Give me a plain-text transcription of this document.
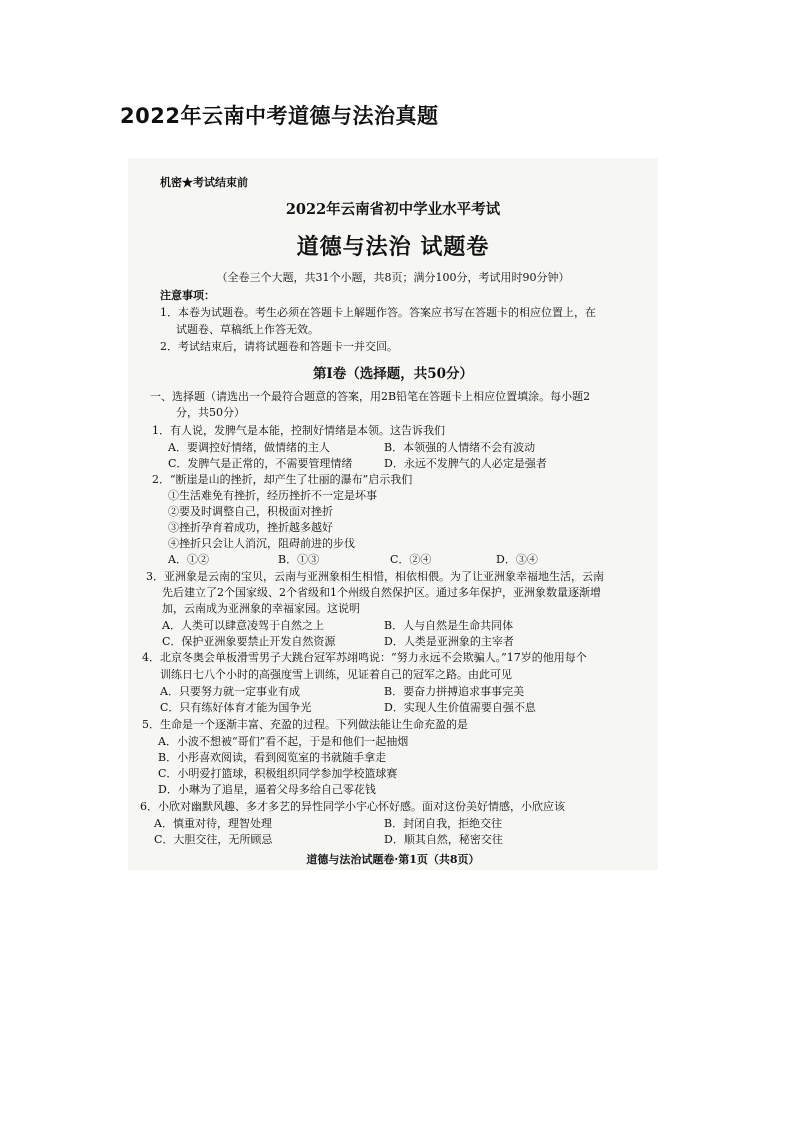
2022年云南中考道德与法治真题
机密★考试结束前
2022年云南省初中学业水平考试
道德与法治 试题卷
（全卷三个大题，共31个小题，共8页；满分100分，考试用时90分钟）
注意事项：
1．本卷为试题卷。考生必须在答题卡上解题作答。答案应书写在答题卡的相应位置上，在
试题卷、草稿纸上作答无效。
2．考试结束后，请将试题卷和答题卡一并交回。
第Ⅰ卷（选择题，共50分）
一、选择题（请选出一个最符合题意的答案，用2B铅笔在答题卡上相应位置填涂。每小题2
分，共50分）
1．有人说，发脾气是本能，控制好情绪是本领。这告诉我们
A．要调控好情绪，做情绪的主人	B．本领强的人情绪不会有波动
C．发脾气是正常的，不需要管理情绪	D．永远不发脾气的人必定是强者
2．“断崖是山的挫折，却产生了壮丽的瀑布”启示我们
①生活难免有挫折，经历挫折不一定是坏事
②要及时调整自己，积极面对挫折
③挫折孕育着成功，挫折越多越好
④挫折只会让人消沉，阻碍前进的步伐
A．①②	B．①③	C．②④	D．③④
3．亚洲象是云南的宝贝，云南与亚洲象相生相惜，相依相偎。为了让亚洲象幸福地生活，云南
先后建立了2个国家级、2个省级和1个州级自然保护区。通过多年保护，亚洲象数量逐渐增
加，云南成为亚洲象的幸福家园。这说明
A．人类可以肆意凌驾于自然之上	B．人与自然是生命共同体
C．保护亚洲象要禁止开发自然资源	D．人类是亚洲象的主宰者
4．北京冬奥会单板滑雪男子大跳台冠军苏翊鸣说：“努力永远不会欺骗人。”17岁的他用每个
训练日七八个小时的高强度雪上训练，见证着自己的冠军之路。由此可见
A．只要努力就一定事业有成	B．要奋力拼搏追求事事完美
C．只有练好体育才能为国争光	D．实现人生价值需要自强不息
5．生命是一个逐渐丰富、充盈的过程。下列做法能让生命充盈的是
A．小波不想被“哥们”看不起，于是和他们一起抽烟
B．小彤喜欢阅读，看到阅览室的书就随手拿走
C．小明爱打篮球，积极组织同学参加学校篮球赛
D．小琳为了追星，逼着父母多给自己零花钱
6．小欣对幽默风趣、多才多艺的异性同学小宇心怀好感。面对这份美好情感，小欣应该
A．慎重对待，理智处理	B．封闭自我，拒绝交往
C．大胆交往，无所顾忌	D．顺其自然，秘密交往
道德与法治试题卷·第1页（共8页）
